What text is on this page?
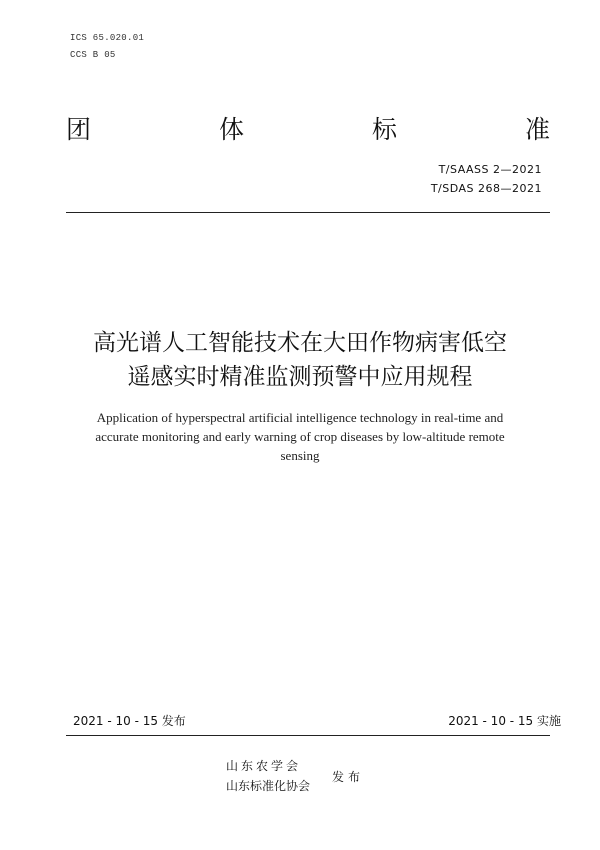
ICS 65.020.01
CCS B 05
团	体	标	准
T/SAASS 2—2021
T/SDAS 268—2021
高光谱人工智能技术在大田作物病害低空
遥感实时精准监测预警中应用规程
Application of hyperspectral artificial intelligence technology in real-time and accurate monitoring and early warning of crop diseases by low-altitude remote sensing
2021 - 10 - 15 发布	2021 - 10 - 15 实施
山东农学会
山东标准化协会
发布
